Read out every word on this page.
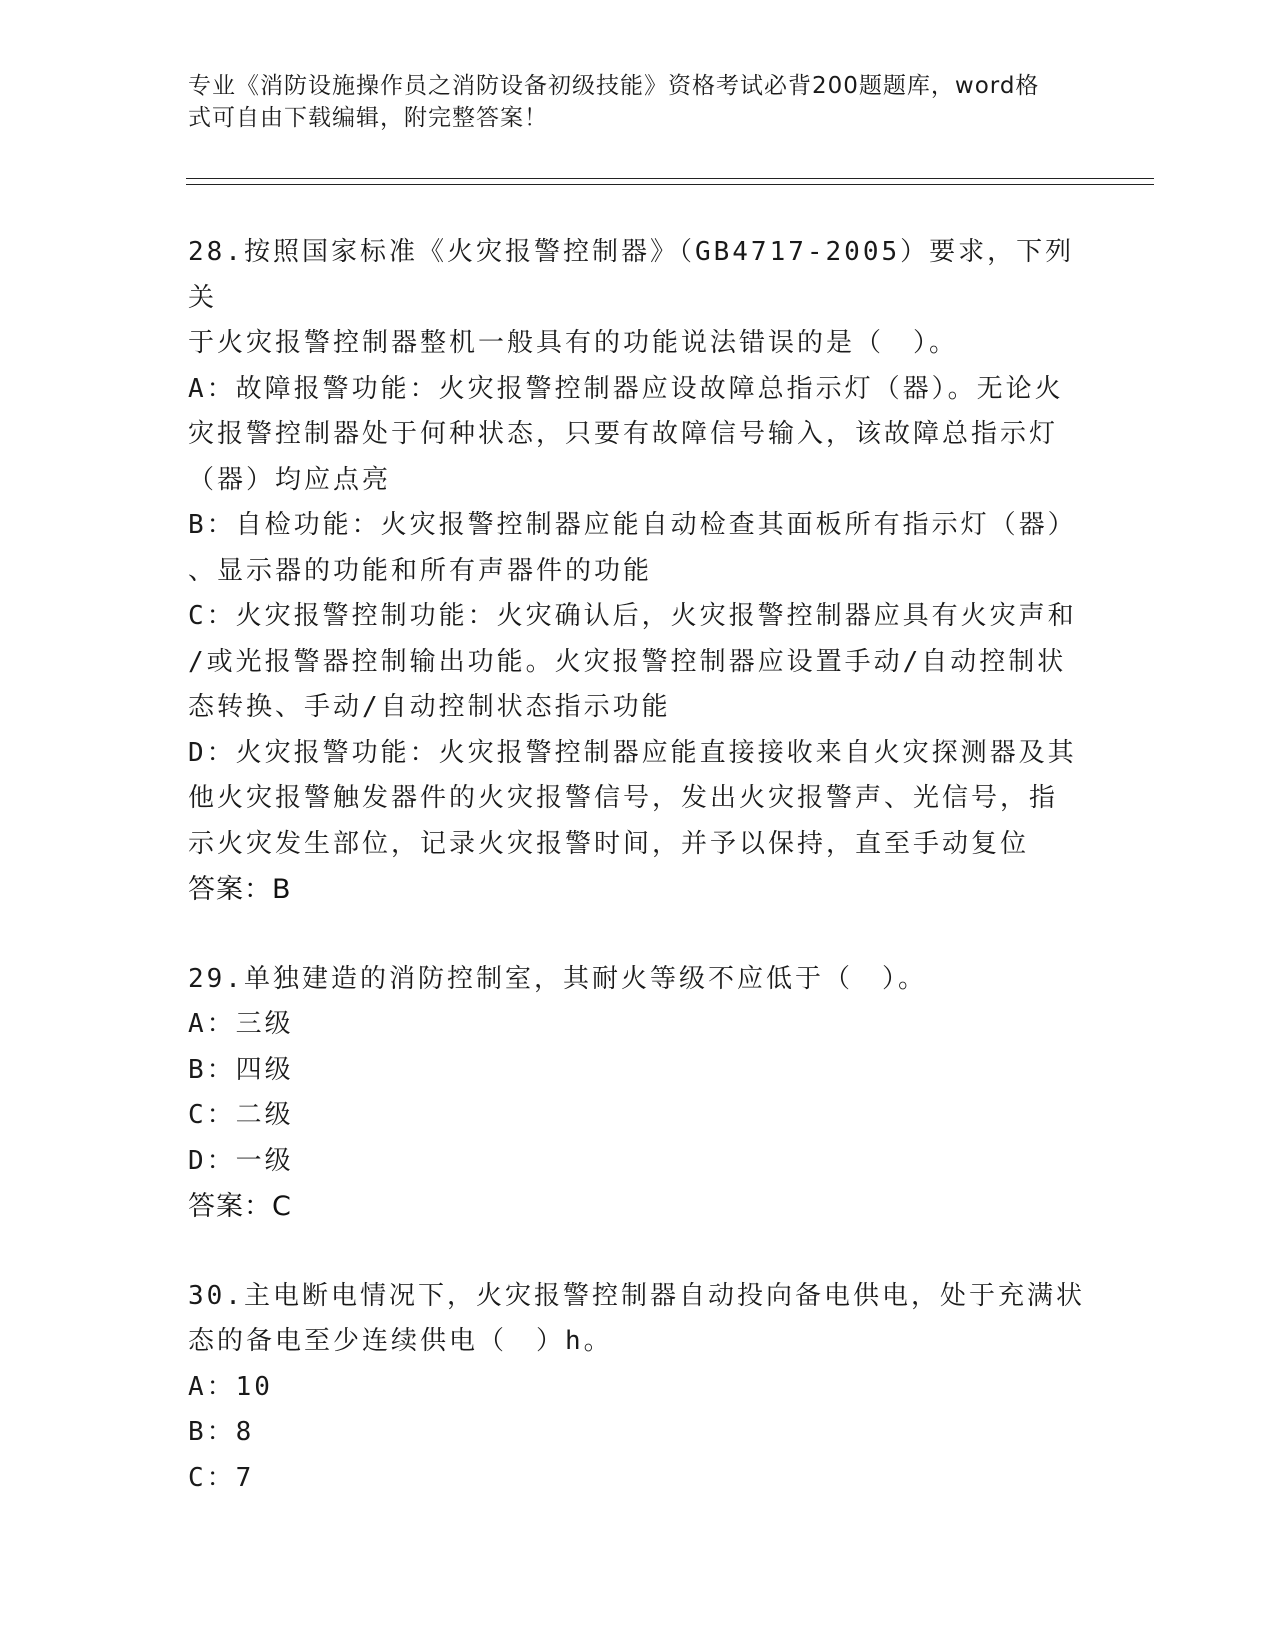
专业《消防设施操作员之消防设备初级技能》资格考试必背200题题库，word格
式可自由下载编辑，附完整答案！
28.按照国家标准《火灾报警控制器》（GB4717-2005）要求，下列关
于火灾报警控制器整机一般具有的功能说法错误的是（　）。
A：故障报警功能：火灾报警控制器应设故障总指示灯（器）。无论火
灾报警控制器处于何种状态，只要有故障信号输入，该故障总指示灯
（器）均应点亮
B：自检功能：火灾报警控制器应能自动检查其面板所有指示灯（器）
、显示器的功能和所有声器件的功能
C：火灾报警控制功能：火灾确认后，火灾报警控制器应具有火灾声和
/或光报警器控制输出功能。火灾报警控制器应设置手动/自动控制状
态转换、手动/自动控制状态指示功能
D：火灾报警功能：火灾报警控制器应能直接接收来自火灾探测器及其
他火灾报警触发器件的火灾报警信号，发出火灾报警声、光信号，指
示火灾发生部位，记录火灾报警时间，并予以保持，直至手动复位
答案：B
29.单独建造的消防控制室，其耐火等级不应低于（　）。
A：三级
B：四级
C：二级
D：一级
答案：C
30.主电断电情况下，火灾报警控制器自动投向备电供电，处于充满状
态的备电至少连续供电（　）h。
A：10
B：8
C：7
